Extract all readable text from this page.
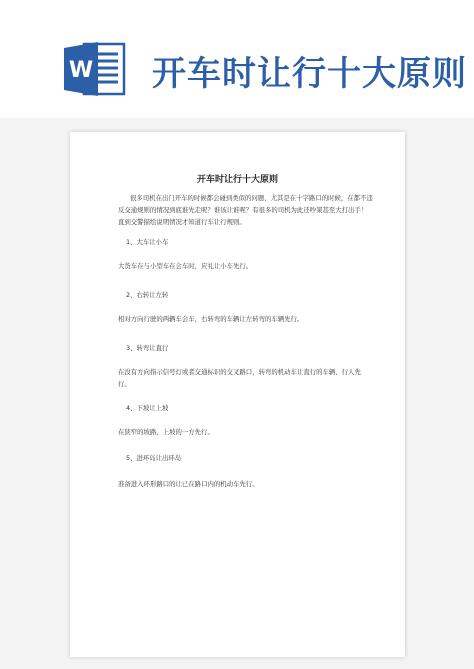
W 开车时让行十大原则
开车时让行十大原则
很多司机在出门开车的时候都会碰到类似的问题，尤其是在十字路口的时候，在都不违反交通规则的情况到底谁先走呢？谁该让谁呢？有很多的司机为此还吵架甚至大打出手！直到交警描绘说明情况才知道行车让行规则。
1、大车让小车
大货车在与小型车在会车时，应礼让小车先行。
2、右转让左转
相对方向行驶的两辆车会车，右转弯的车辆让左转弯的车辆先行。
3、转弯让直行
在没有方向指示信号灯或者交通标识的交叉路口，转弯的机动车让直行的车辆、行人先行。
4、下坡让上坡
在狭窄的坡路，上坡的一方先行。
5、进环岛让出环岛
准备进入环形路口的让已在路口内的机动车先行。
